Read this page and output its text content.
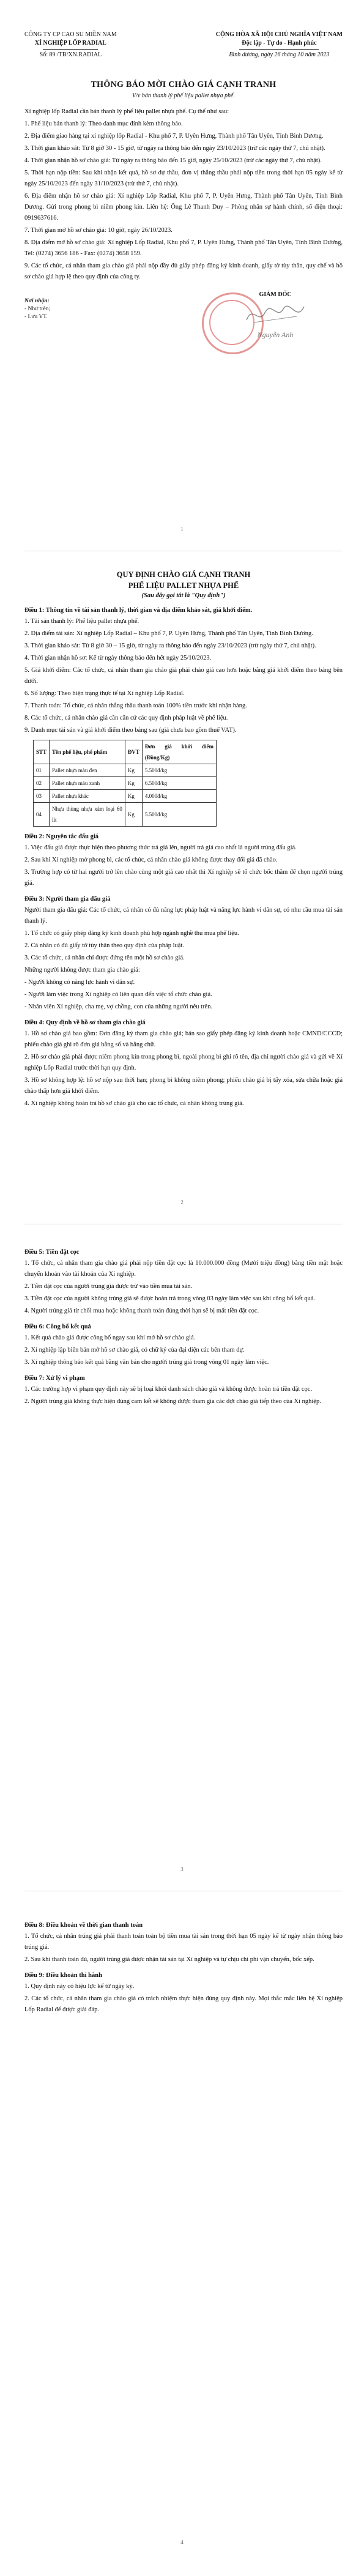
CÔNG TY CP CAO SU MIỀN NAM
XÍ NGHIỆP LỐP RADIAL
Số: 89 /TB/XN.RADIAL
CỘNG HÒA XÃ HỘI CHỦ NGHĨA VIỆT NAM
Độc lập - Tự do - Hạnh phúc
Bình dương, ngày 26 tháng 10 năm 2023
THÔNG BÁO MỜI CHÀO GIÁ CẠNH TRANH
V/v bán thanh lý phế liệu pallet nhựa phế.

Xí nghiệp lốp Radial cần bán thanh lý phế liệu pallet nhựa phế. Cụ thể như sau:

1. Phế liệu bán thanh lý: Theo danh mục đính kèm thông báo.

2. Địa điểm giao hàng tại xí nghiệp lốp Radial - Khu phố 7, P. Uyên Hưng, Thành phố Tân Uyên, Tỉnh Bình Dương.

3. Thời gian khảo sát: Từ 8 giờ 30 - 15 giờ, từ ngày ra thông báo đến ngày 23/10/2023 (trừ các ngày thứ 7, chủ nhật).

4. Thời gian nhận hồ sơ chào giá: Từ ngày ra thông báo đến 15 giờ, ngày 25/10/2023 (trừ các ngày thứ 7, chủ nhật).

5. Thời hạn nộp tiền: Sau khi nhận kết quả, hồ sơ dự thầu, đơn vị thắng thầu phải nộp tiền trong thời hạn 05 ngày kể từ ngày 25/10/2023 đến ngày 31/10/2023 (trừ thứ 7, chủ nhật).

6. Địa điểm nhận hồ sơ chào giá: Xí nghiệp Lốp Radial, Khu phố 7, P. Uyên Hưng, Thành phố Tân Uyên, Tỉnh Bình Dương. Gửi trong phong bì niêm phong kín. Liên hệ: Ông Lê Thanh Duy – Phòng nhân sự hành chính, số điện thoại: 0919637616.

7. Thời gian mở hồ sơ chào giá: 10 giờ, ngày 26/10/2023.

8. Địa điểm mở hồ sơ chào giá: Xí nghiệp Lốp Radial, Khu phố 7, P. Uyên Hưng, Thành phố Tân Uyên, Tỉnh Bình Dương, Tel: (0274) 3656 186 - Fax: (0274) 3658 159.

9. Các tổ chức, cá nhân tham gia chào giá phải nộp đầy đủ giấy phép đăng ký kinh doanh, giấy tờ tùy thân, quy chế và hồ sơ chào giá hợp lệ theo quy định của công ty.

Nơi nhận:
- Như trên;
- Lưu VT.
GIÁM ĐỐC
Nguyễn Anh
1
QUY ĐỊNH CHÀO GIÁ CẠNH TRANH
PHẾ LIỆU PALLET NHỰA PHẾ
(Sau đây gọi tắt là "Quy định")
Điều 1: Thông tin về tài sản thanh lý, thời gian và địa điểm khảo sát, giá khởi điểm.

1. Tài sản thanh lý: Phế liệu pallet nhựa phế.

2. Địa điểm tài sản: Xí nghiệp Lốp Radial – Khu phố 7, P. Uyên Hưng, Thành phố Tân Uyên, Tỉnh Bình Dương.

3. Thời gian khảo sát: Từ 8 giờ 30 – 15 giờ, từ ngày ra thông báo đến ngày 23/10/2023 (trừ ngày thứ 7, chủ nhật).

4. Thời gian nhận hồ sơ: Kể từ ngày thông báo đến hết ngày 25/10/2023.

5. Giá khởi điểm: Các tổ chức, cá nhân tham gia chào giá phải chào giá cao hơn hoặc bằng giá khởi điểm theo bảng bên dưới.

6. Số lượng: Theo hiện trạng thực tế tại Xí nghiệp Lốp Radial.

7. Thanh toán: Tổ chức, cá nhân thắng thầu thanh toán 100% tiền trước khi nhận hàng.

8. Các tổ chức, cá nhân chào giá cần căn cứ các quy định pháp luật về phế liệu.

9. Danh mục tài sản và giá khởi điểm theo bảng sau (giá chưa bao gồm thuế VAT).

STT	Tên phế liệu, phế phẩm	ĐVT	Đơn giá khởi điểm (Đồng/Kg)
01	Pallet nhựa màu đen	Kg	5.500đ/kg
02	Pallet nhựa màu xanh	Kg	6.500đ/kg
03	Pallet nhựa khác	Kg	4.000đ/kg
04	Nhựa thùng nhựa xám loại 60 lít	Kg	5.500đ/kg
Điều 2: Nguyên tắc đấu giá

1. Việc đấu giá được thực hiện theo phương thức trả giá lên, người trả giá cao nhất là người trúng đấu giá.

2. Sau khi Xí nghiệp mở phong bì, các tổ chức, cá nhân chào giá không được thay đổi giá đã chào.

3. Trường hợp có từ hai người trở lên chào cùng một giá cao nhất thì Xí nghiệp sẽ tổ chức bốc thăm để chọn người trúng giá.

Điều 3: Người tham gia đấu giá

Người tham gia đấu giá: Các tổ chức, cá nhân có đủ năng lực pháp luật và năng lực hành vi dân sự, có nhu cầu mua tài sản thanh lý.

1. Tổ chức có giấy phép đăng ký kinh doanh phù hợp ngành nghề thu mua phế liệu.

2. Cá nhân có đủ giấy tờ tùy thân theo quy định của pháp luật.

3. Các tổ chức, cá nhân chỉ được đứng tên một hồ sơ chào giá.

Những người không được tham gia chào giá:

- Người không có năng lực hành vi dân sự.

- Người làm việc trong Xí nghiệp có liên quan đến việc tổ chức chào giá.

- Nhân viên Xí nghiệp, cha mẹ, vợ chồng, con của những người nêu trên.

Điều 4: Quy định về hồ sơ tham gia chào giá

1. Hồ sơ chào giá bao gồm: Đơn đăng ký tham gia chào giá; bản sao giấy phép đăng ký kinh doanh hoặc CMND/CCCD; phiếu chào giá ghi rõ đơn giá bằng số và bằng chữ.

2. Hồ sơ chào giá phải được niêm phong kín trong phong bì, ngoài phong bì ghi rõ tên, địa chỉ người chào giá và gửi về Xí nghiệp Lốp Radial trước thời hạn quy định.

3. Hồ sơ không hợp lệ: hồ sơ nộp sau thời hạn; phong bì không niêm phong; phiếu chào giá bị tẩy xóa, sửa chữa hoặc giá chào thấp hơn giá khởi điểm.

4. Xí nghiệp không hoàn trả hồ sơ chào giá cho các tổ chức, cá nhân không trúng giá.

2
Điều 5: Tiền đặt cọc

1. Tổ chức, cá nhân tham gia chào giá phải nộp tiền đặt cọc là 10.000.000 đồng (Mười triệu đồng) bằng tiền mặt hoặc chuyển khoản vào tài khoản của Xí nghiệp.

2. Tiền đặt cọc của người trúng giá được trừ vào tiền mua tài sản.

3. Tiền đặt cọc của người không trúng giá sẽ được hoàn trả trong vòng 03 ngày làm việc sau khi công bố kết quả.

4. Người trúng giá từ chối mua hoặc không thanh toán đúng thời hạn sẽ bị mất tiền đặt cọc.

Điều 6: Công bố kết quả

1. Kết quả chào giá được công bố ngay sau khi mở hồ sơ chào giá.

2. Xí nghiệp lập biên bản mở hồ sơ chào giá, có chữ ký của đại diện các bên tham dự.

3. Xí nghiệp thông báo kết quả bằng văn bản cho người trúng giá trong vòng 01 ngày làm việc.

Điều 7: Xử lý vi phạm

1. Các trường hợp vi phạm quy định này sẽ bị loại khỏi danh sách chào giá và không được hoàn trả tiền đặt cọc.

2. Người trúng giá không thực hiện đúng cam kết sẽ không được tham gia các đợt chào giá tiếp theo của Xí nghiệp.

3
Điều 8: Điều khoản về thời gian thanh toán

1. Tổ chức, cá nhân trúng giá phải thanh toán toàn bộ tiền mua tài sản trong thời hạn 05 ngày kể từ ngày nhận thông báo trúng giá.

2. Sau khi thanh toán đủ, người trúng giá được nhận tài sản tại Xí nghiệp và tự chịu chi phí vận chuyển, bốc xếp.

Điều 9: Điều khoản thi hành

1. Quy định này có hiệu lực kể từ ngày ký.

2. Các tổ chức, cá nhân tham gia chào giá có trách nhiệm thực hiện đúng quy định này. Mọi thắc mắc liên hệ Xí nghiệp Lốp Radial để được giải đáp.

4
